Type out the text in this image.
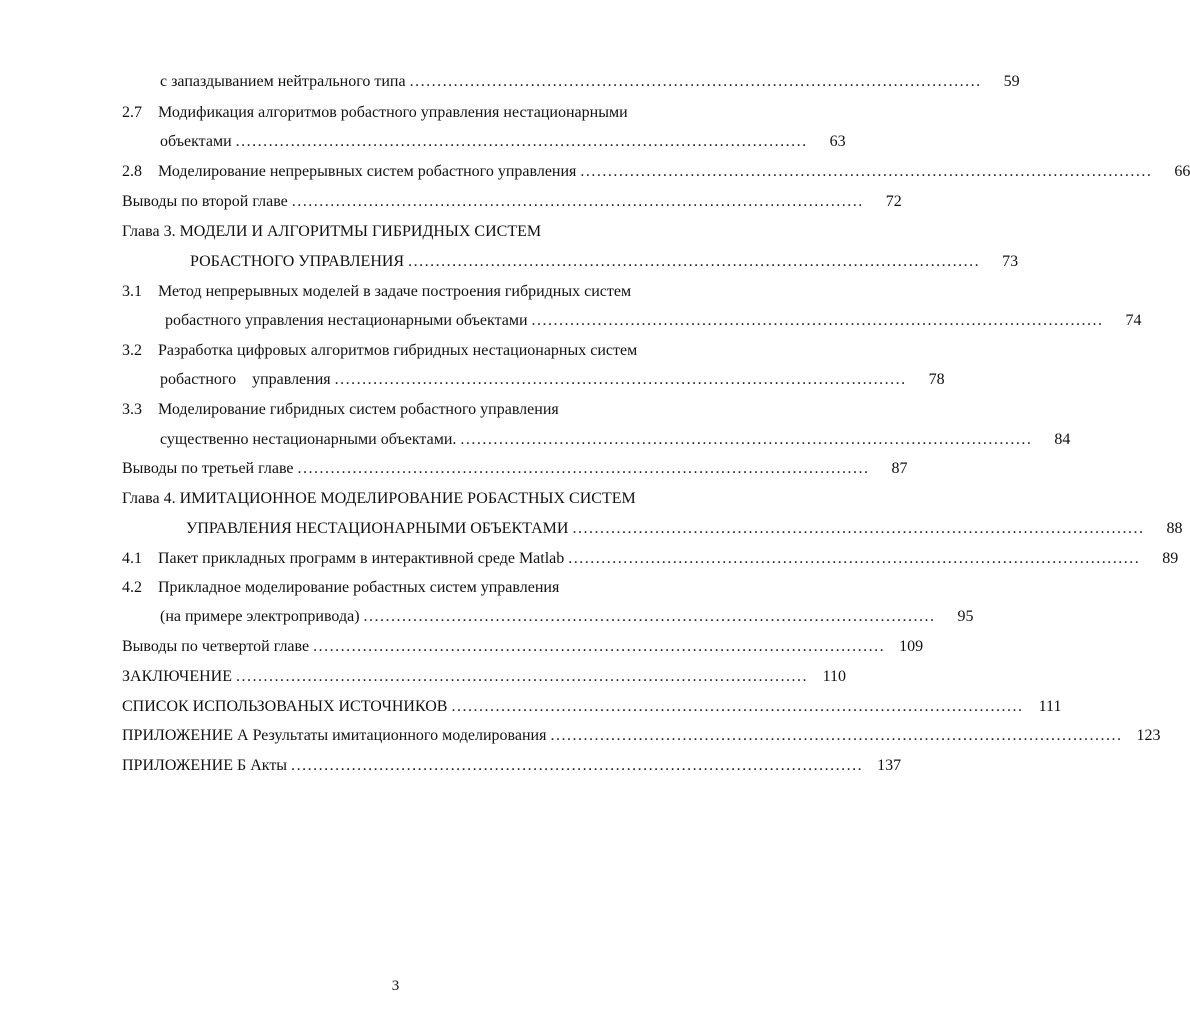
с запаздыванием нейтрального типа ........................................................................................................	59
2.7 Модификация алгоритмов робастного управления нестационарными
объектами ........................................................................................................	63
2.8 Моделирование непрерывных систем робастного управления ........................................................................................................	66
Выводы по второй главе ........................................................................................................	72
Глава 3. МОДЕЛИ И АЛГОРИТМЫ ГИБРИДНЫХ СИСТЕМ
РОБАСТНОГО УПРАВЛЕНИЯ ........................................................................................................	73
3.1 Метод непрерывных моделей в задаче построения гибридных систем
робастного управления нестационарными объектами ........................................................................................................	74
3.2 Разработка цифровых алгоритмов гибридных нестационарных систем
робастного    управления ........................................................................................................	78
3.3 Моделирование гибридных систем робастного управления
существенно нестационарными объектами. ........................................................................................................	84
Выводы по третьей главе ........................................................................................................	87
Глава 4. ИМИТАЦИОННОЕ МОДЕЛИРОВАНИЕ РОБАСТНЫХ СИСТЕМ
УПРАВЛЕНИЯ НЕСТАЦИОНАРНЫМИ ОБЪЕКТАМИ ........................................................................................................	88
4.1 Пакет прикладных программ в интерактивной среде Matlab ........................................................................................................	89
4.2 Прикладное моделирование робастных систем управления
(на примере электропривода) ........................................................................................................	95
Выводы по четвертой главе ........................................................................................................ 109
ЗАКЛЮЧЕНИЕ ........................................................................................................ 110
СПИСОК ИСПОЛЬЗОВАНЫХ ИСТОЧНИКОВ ........................................................................................................ 111
ПРИЛОЖЕНИЕ А Результаты имитационного моделирования ........................................................................................................ 123
ПРИЛОЖЕНИЕ Б Акты ........................................................................................................ 137
3
